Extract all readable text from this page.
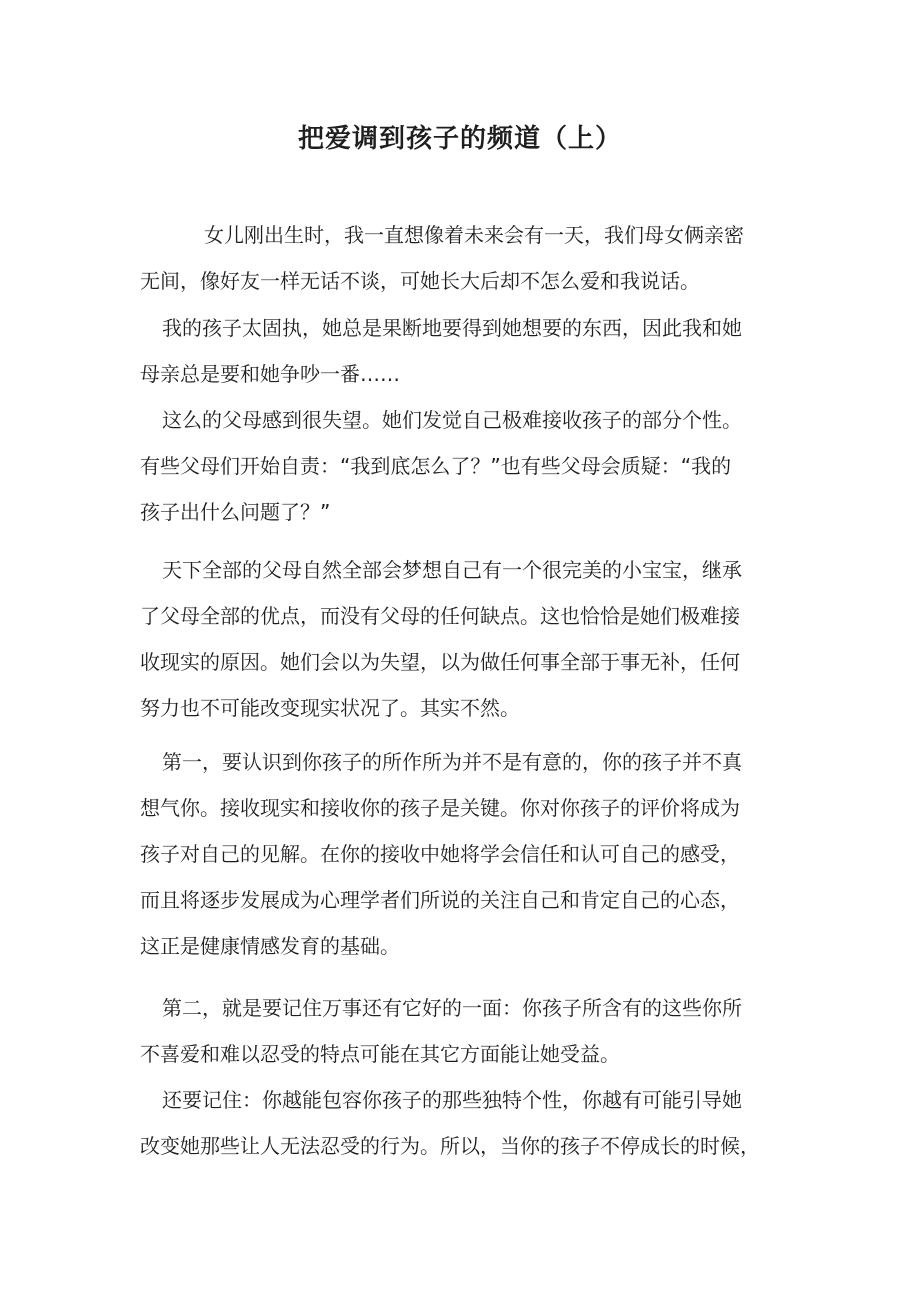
把爱调到孩子的频道（上）
女儿刚出生时，我一直想像着未来会有一天，我们母女俩亲密
无间，像好友一样无话不谈，可她长大后却不怎么爱和我说话。
我的孩子太固执，她总是果断地要得到她想要的东西，因此我和她
母亲总是要和她争吵一番……
这么的父母感到很失望。她们发觉自己极难接收孩子的部分个性。
有些父母们开始自责：“我到底怎么了？”也有些父母会质疑：“我的
孩子出什么问题了？”
天下全部的父母自然全部会梦想自己有一个很完美的小宝宝，继承
了父母全部的优点，而没有父母的任何缺点。这也恰恰是她们极难接
收现实的原因。她们会以为失望，以为做任何事全部于事无补，任何
努力也不可能改变现实状况了。其实不然。
第一，要认识到你孩子的所作所为并不是有意的，你的孩子并不真
想气你。接收现实和接收你的孩子是关键。你对你孩子的评价将成为
孩子对自己的见解。在你的接收中她将学会信任和认可自己的感受，
而且将逐步发展成为心理学者们所说的关注自己和肯定自己的心态，
这正是健康情感发育的基础。
第二，就是要记住万事还有它好的一面：你孩子所含有的这些你所
不喜爱和难以忍受的特点可能在其它方面能让她受益。
还要记住：你越能包容你孩子的那些独特个性，你越有可能引导她
改变她那些让人无法忍受的行为。所以，当你的孩子不停成长的时候，
